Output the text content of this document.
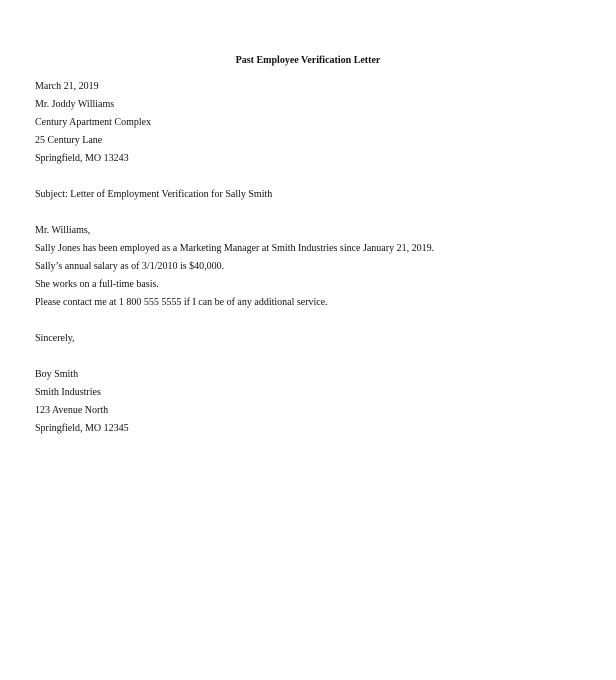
Past Employee Verification Letter
March 21, 2019
Mr. Joddy Williams
Century Apartment Complex
25 Century Lane
Springfield, MO 13243
Subject: Letter of Employment Verification for Sally Smith
Mr. Williams,
Sally Jones has been employed as a Marketing Manager at Smith Industries since January 21, 2019.
Sally’s annual salary as of 3/1/2010 is $40,000.
She works on a full-time basis.
Please contact me at 1 800 555 5555 if I can be of any additional service.
Sincerely,
Boy Smith
Smith Industries
123 Avenue North
Springfield, MO 12345
